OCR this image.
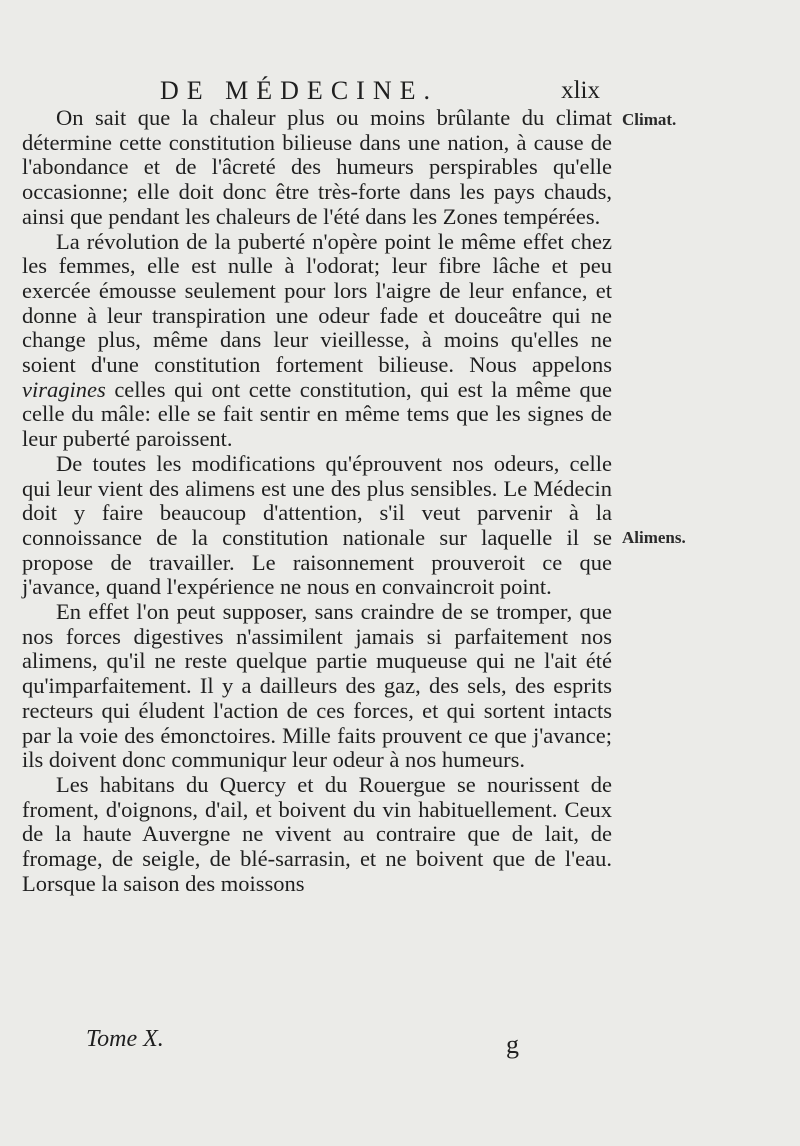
DE MÉDECINE.	xlix
Climat.
Alimens.

On sait que la chaleur plus ou moins brûlante du climat détermine cette constitution bilieuse dans une nation, à cause de l'abondance et de l'âcreté des humeurs perspirables qu'elle occasionne; elle doit donc être très-forte dans les pays chauds, ainsi que pendant les chaleurs de l'été dans les Zones tempérées.

La révolution de la puberté n'opère point le même effet chez les femmes, elle est nulle à l'odorat; leur fibre lâche et peu exercée émousse seulement pour lors l'aigre de leur enfance, et donne à leur transpiration une odeur fade et douceâtre qui ne change plus, même dans leur vieillesse, à moins qu'elles ne soient d'une constitution fortement bilieuse. Nous appelons viragines celles qui ont cette constitution, qui est la même que celle du mâle: elle se fait sentir en même tems que les signes de leur puberté paroissent.

De toutes les modifications qu'éprouvent nos odeurs, celle qui leur vient des alimens est une des plus sensibles. Le Médecin doit y faire beaucoup d'attention, s'il veut parvenir à la connoissance de la constitution nationale sur laquelle il se propose de travailler. Le raisonnement prouveroit ce que j'avance, quand l'expérience ne nous en convaincroit point.

En effet l'on peut supposer, sans craindre de se tromper, que nos forces digestives n'assimilent jamais si parfaitement nos alimens, qu'il ne reste quelque partie muqueuse qui ne l'ait été qu'imparfaitement. Il y a dailleurs des gaz, des sels, des esprits recteurs qui éludent l'action de ces forces, et qui sortent intacts par la voie des émonctoires. Mille faits prouvent ce que j'avance; ils doivent donc communiqur leur odeur à nos humeurs.

Les habitans du Quercy et du Rouergue se nourissent de froment, d'oignons, d'ail, et boivent du vin habituellement. Ceux de la haute Auvergne ne vivent au contraire que de lait, de fromage, de seigle, de blé-sarrasin, et ne boivent que de l'eau. Lorsque la saison des moissons

Tome X.	g
